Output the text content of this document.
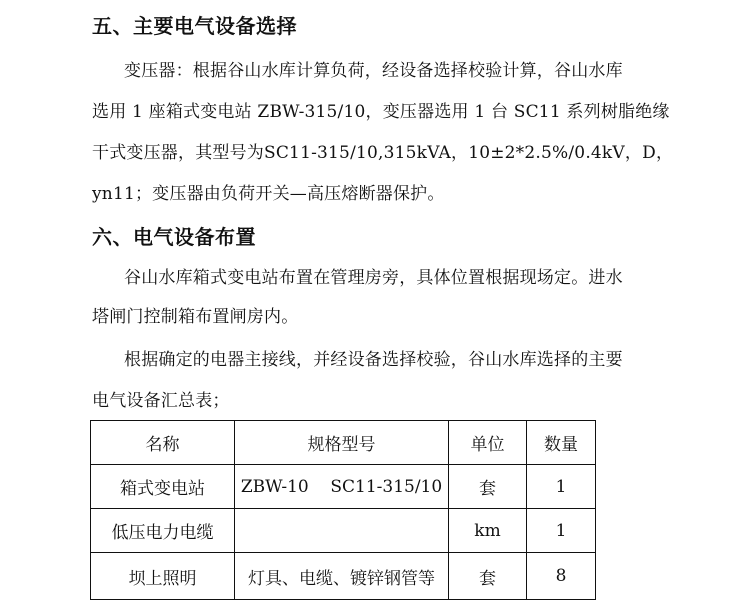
五、主要电气设备选择
变压器：根据谷山水库计算负荷，经设备选择校验计算，谷山水库
选用 1 座箱式变电站 ZBW-315/10，变压器选用 1 台 SC11 系列树脂绝缘
干式变压器，其型号为SC11-315/10,315kVA，10±2*2.5%/0.4kV，D，
yn11；变压器由负荷开关—高压熔断器保护。
六、电气设备布置
谷山水库箱式变电站布置在管理房旁，具体位置根据现场定。进水
塔闸门控制箱布置闸房内。
根据确定的电器主接线，并经设备选择校验，谷山水库选择的主要
电气设备汇总表；
名称	规格型号	单位	数量
箱式变电站	ZBW-10    SC11-315/10	套	1
低压电力电缆		km	1
坝上照明	灯具、电缆、镀锌钢管等	套	8
